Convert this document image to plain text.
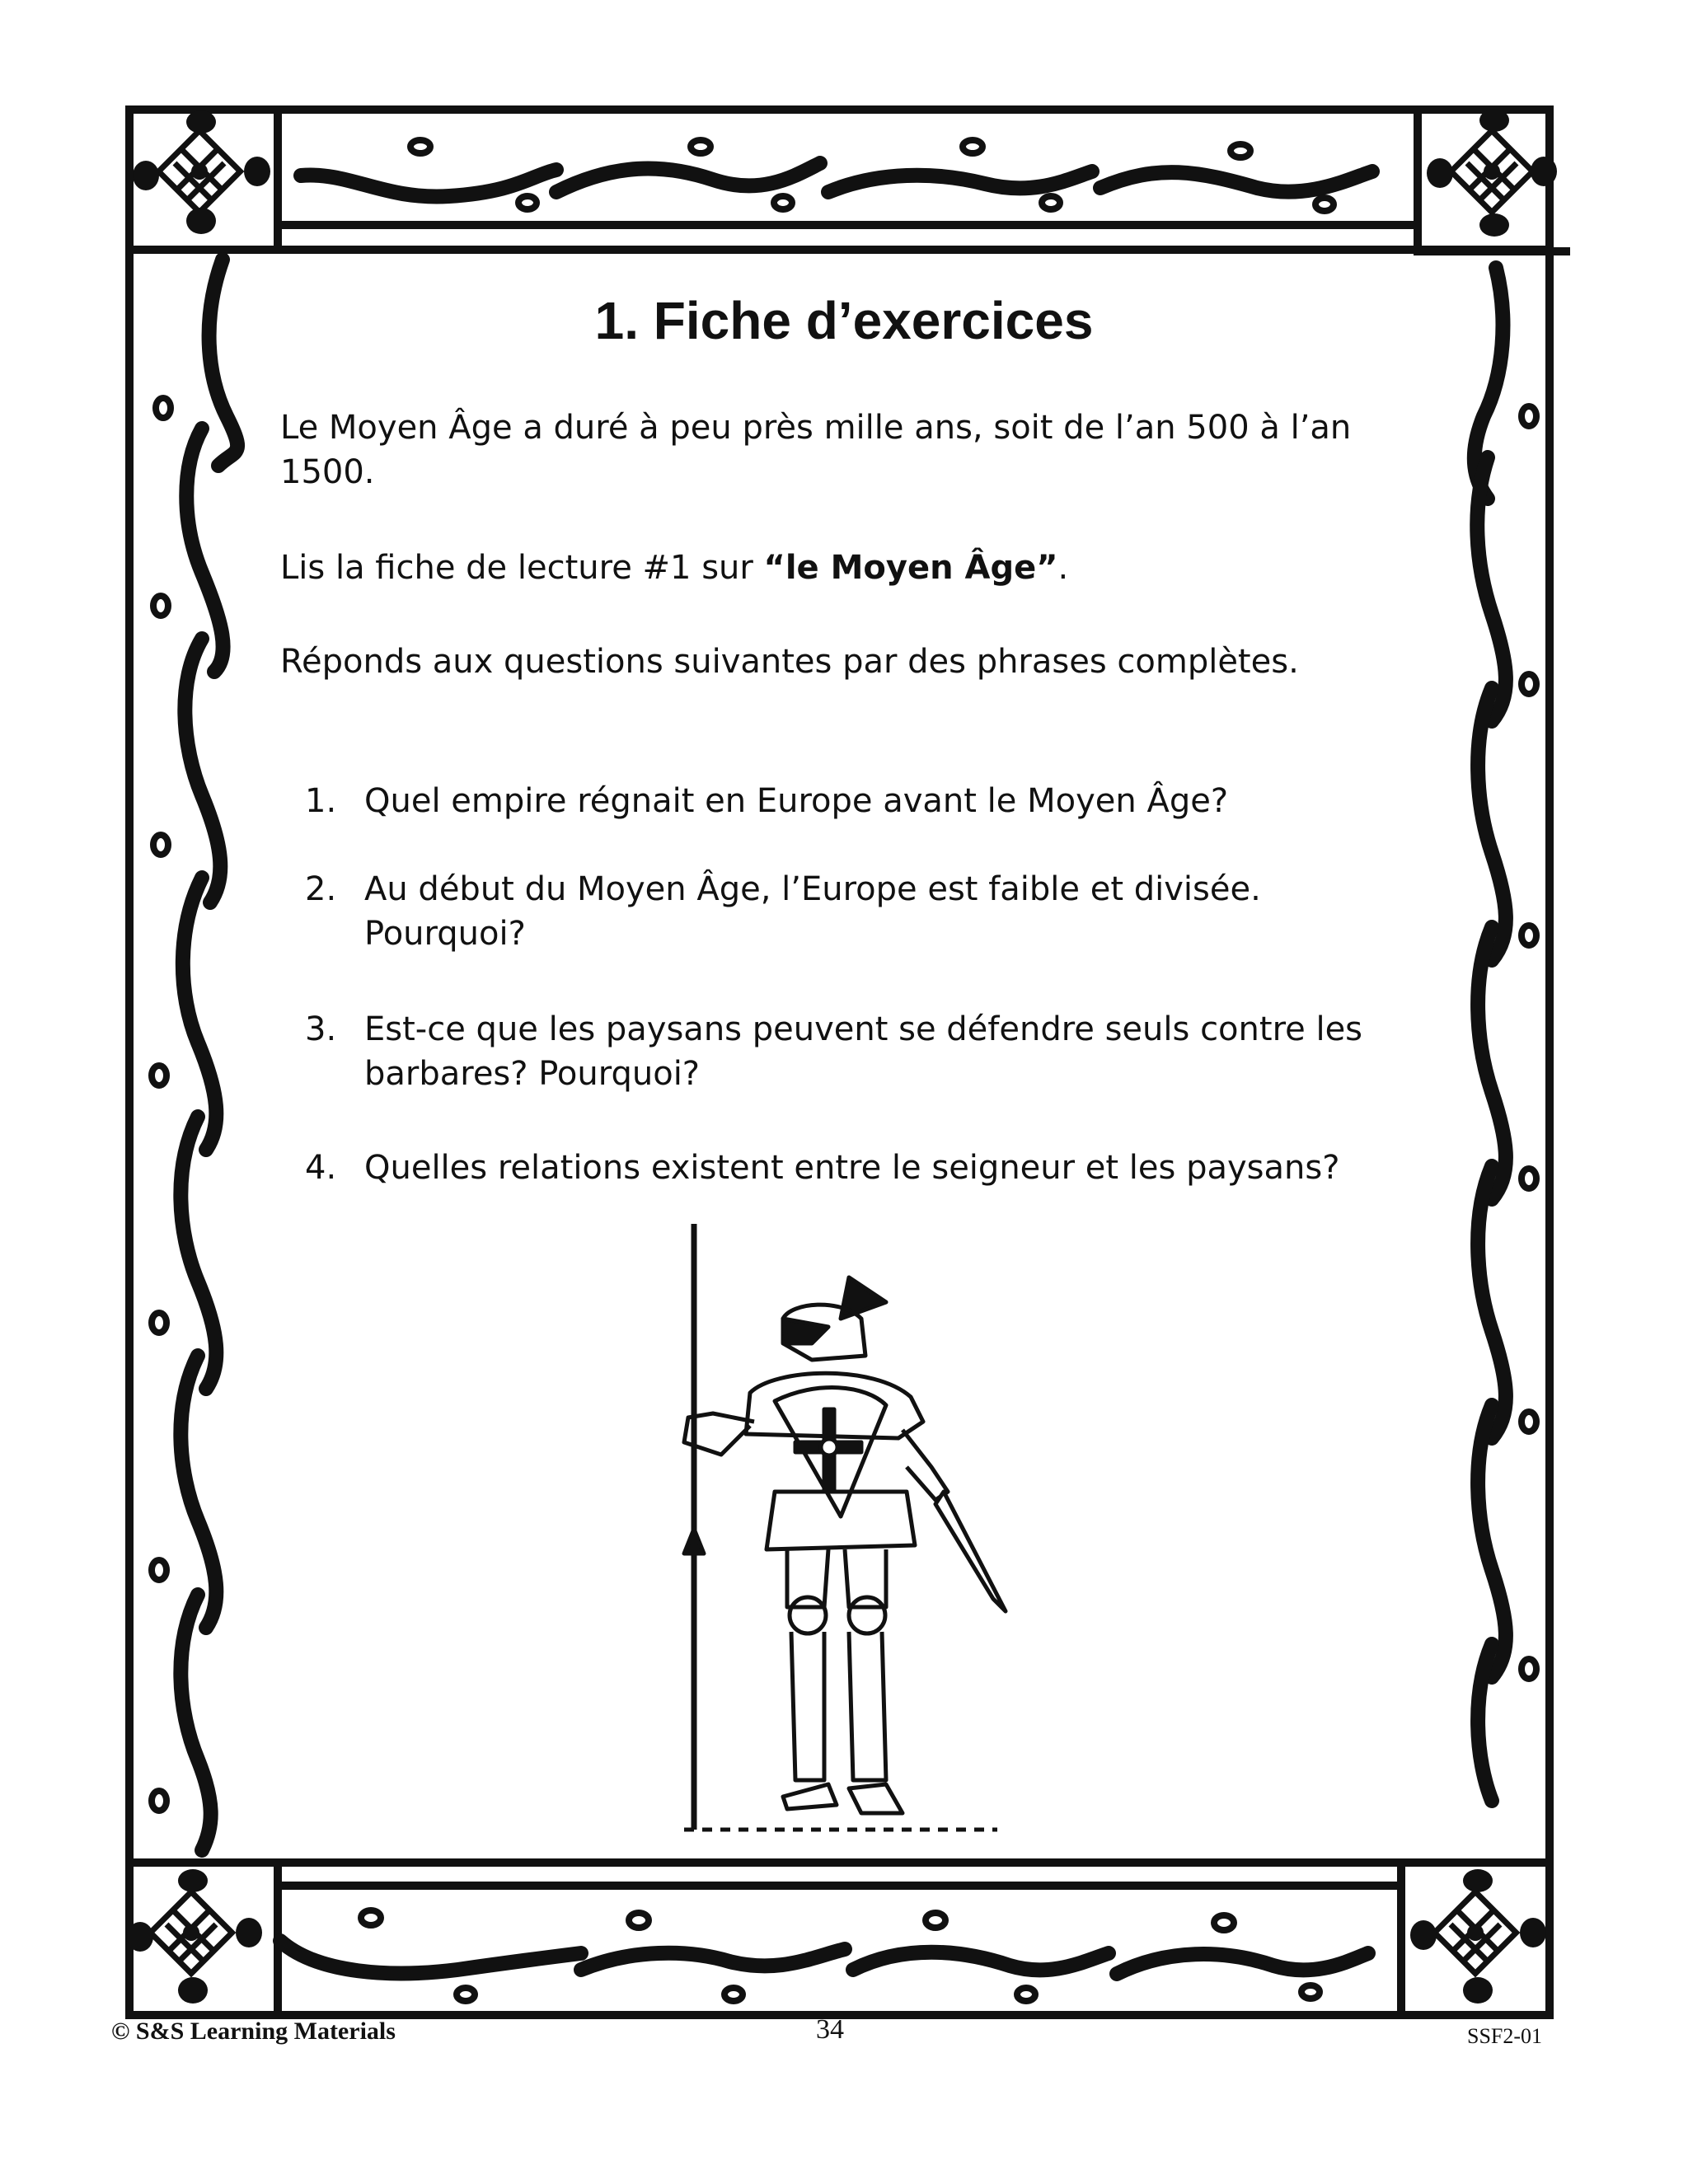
1. Fiche d’exercices
Le Moyen Âge a duré à peu près mille ans, soit de l’an 500 à l’an 1500.
Lis la fiche de lecture #1 sur “le Moyen Âge”.
Réponds aux questions suivantes par des phrases complètes.
1. Quel empire régnait en Europe avant le Moyen Âge?
2. Au début du Moyen Âge, l’Europe est faible et divisée. Pourquoi?
3. Est-ce que les paysans peuvent se défendre seuls contre les barbares? Pourquoi?
4. Quelles relations existent entre le seigneur et les paysans?
© S&S Learning Materials	34	SSF2-01
